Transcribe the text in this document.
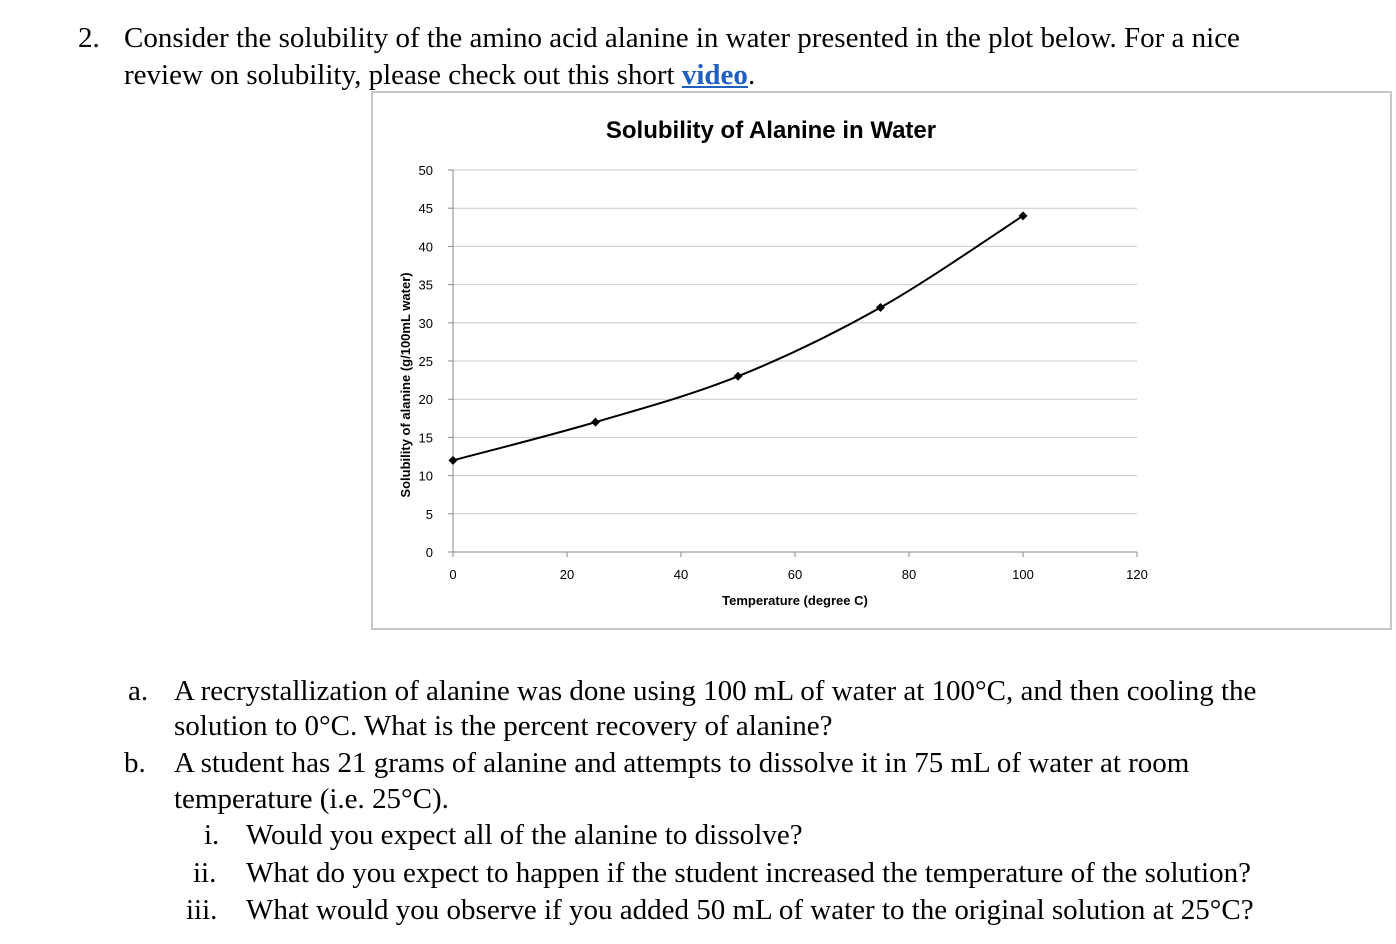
2. Consider the solubility of the amino acid alanine in water presented in the plot below. For a nice
review on solubility, please check out this short video.
Solubility of Alanine in Water
0
5
10
15
20
25
30
35
40
45
50
0	20	40	60	80	100	120
Temperature (degree C)
Solubility of alanine (g/100mL water)
a. A recrystallization of alanine was done using 100 mL of water at 100°C, and then cooling the
solution to 0°C. What is the percent recovery of alanine?
b. A student has 21 grams of alanine and attempts to dissolve it in 75 mL of water at room
temperature (i.e. 25°C).
i. Would you expect all of the alanine to dissolve?
ii. What do you expect to happen if the student increased the temperature of the solution?
iii. What would you observe if you added 50 mL of water to the original solution at 25°C?
